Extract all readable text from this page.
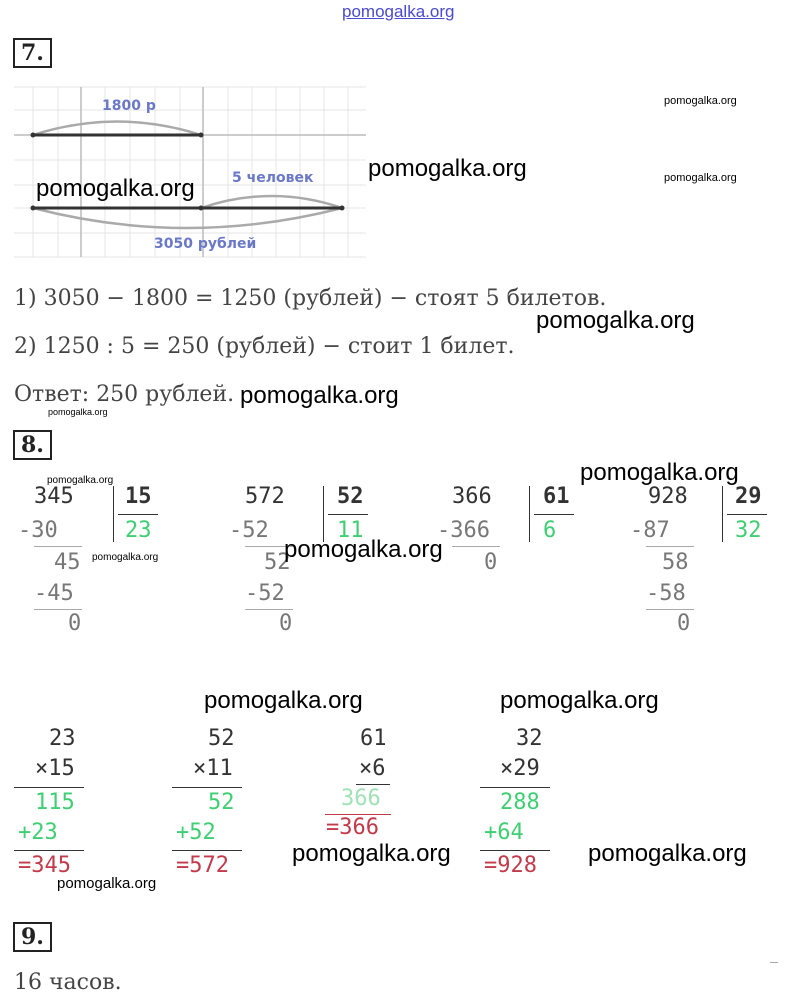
pomogalka.org
7.
1800 р
5 человек
3050 рублей
1) 3050 − 1800 = 1250 (рублей) − стоят 5 билетов.
2) 1250 : 5 = 250 (рублей) − стоит 1 билет.
Ответ: 250 рублей.
8.
345 15
23
-30
45
-45
0
572 52
11
-52
52
-52
0
366 61
6
-366
0
928 29
32
-87
58
-58
0
23
×15
115
+23
=345
52
×11
52
+52
=572
61
×6
366
=366
32
×29
288
+64
=928
9.
16 часов.
pomogalka.org
pomogalka.org	pomogalka.org
pomogalka.org
pomogalka.org
pomogalka.org
pomogalka.org
pomogalka.org
pomogalka.org
pomogalka.org
pomogalka.org
pomogalka.org	pomogalka.org
pomogalka.org	pomogalka.org
pomogalka.org
